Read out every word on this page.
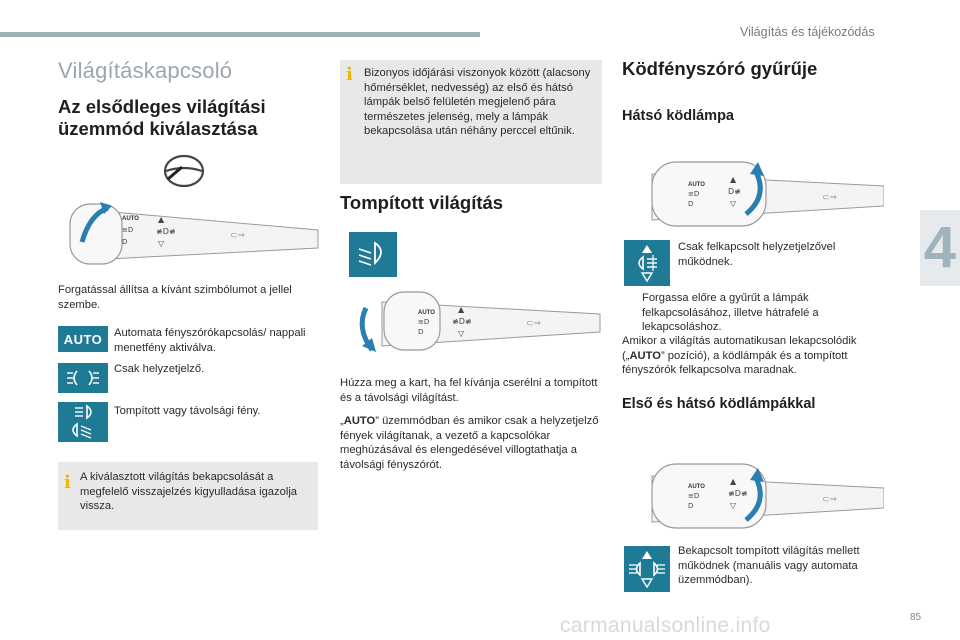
Világítás és tájékozódás
4
Világításkapcsoló
Az elsődleges világítási üzemmód kiválasztása
AUTO
≡D
D
▲
≢D≢
▽
⊂⇒
Forgatással állítsa a kívánt szimbólumot a jellel szembe.
AUTO Automata fényszórókapcsolás/ nappali menetfény aktiválva.
Csak helyzetjelző.
Tompított vagy távolsági fény.
i A kiválasztott világítás bekapcsolását a megfelelő visszajelzés kigyulladása igazolja vissza.
i Bizonyos időjárási viszonyok között (alacsony hőmérséklet, nedvesség) az első és hátsó lámpák belső felületén megjelenő pára természetes jelenség, mely a lámpák bekapcsolása után néhány perccel eltűnik.
Tompított világítás
AUTO
≡D
D
▲
≢D≢
▽
⊂⇒
Húzza meg a kart, ha fel kívánja cserélni a tompított és a távolsági világítást.
„AUTO” üzemmódban és amikor csak a helyzetjelző fények világítanak, a vezető a kapcsolókar meghúzásával és elengedésével villogtathatja a távolsági fényszórót.
Ködfényszóró gyűrűje
Hátsó ködlámpa
AUTO
≡D
D
▲
D≢
▽
⊂⇒
Csak felkapcsolt helyzetjelzővel működnek.
Forgassa előre a gyűrűt a lámpák felkapcsolásához, illetve hátrafelé a lekapcsoláshoz.
Amikor a világítás automatikusan lekapcsolódik („AUTO” pozíció), a ködlámpák és a tompított fényszórók felkapcsolva maradnak.
Első és hátsó ködlámpákkal
AUTO
≡D
D
▲
≢D≢
▽
⊂⇒
Bekapcsolt tompított világítás mellett működnek (manuális vagy automata üzemmódban).
carmanualsonline.info	85
